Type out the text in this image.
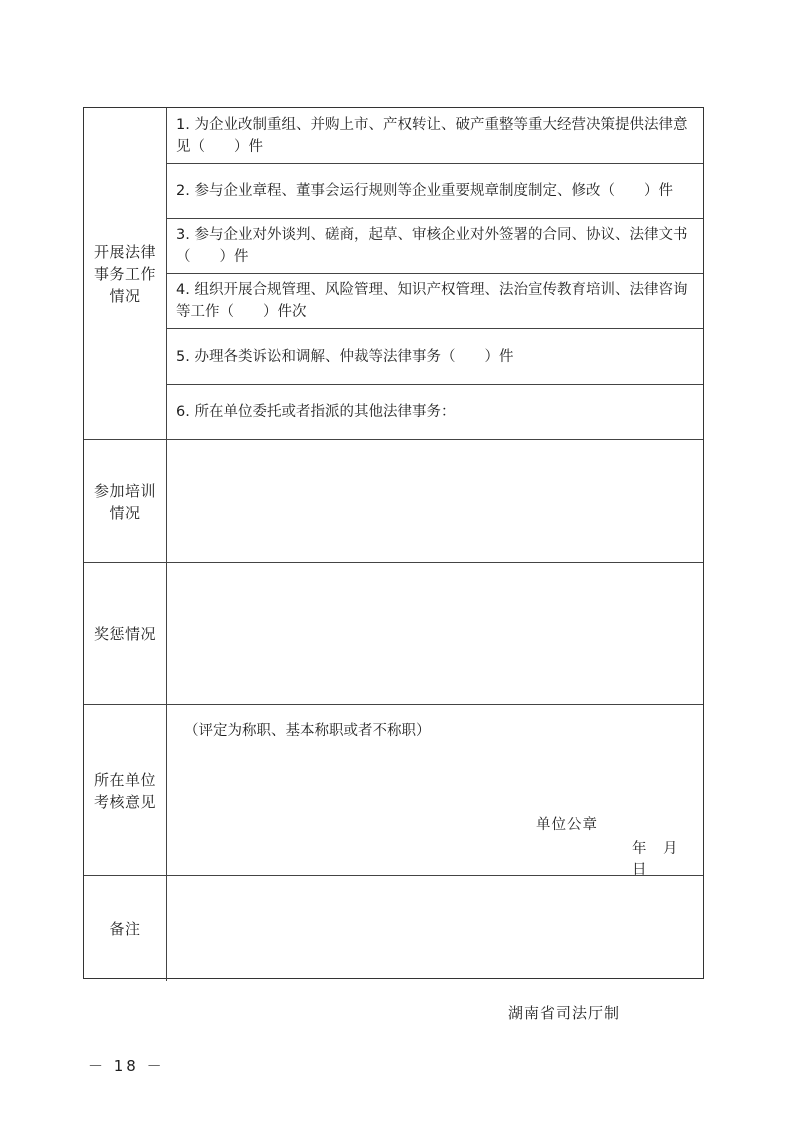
开展法律事务工作情况
1. 为企业改制重组、并购上市、产权转让、破产重整等重大经营决策提供法律意见（　　）件
2. 参与企业章程、董事会运行规则等企业重要规章制度制定、修改（　　）件
3. 参与企业对外谈判、磋商，起草、审核企业对外签署的合同、协议、法律文书（　　）件
4. 组织开展合规管理、风险管理、知识产权管理、法治宣传教育培训、法律咨询等工作（　　）件次
5. 办理各类诉讼和调解、仲裁等法律事务（　　）件
6. 所在单位委托或者指派的其他法律事务：
参加培训情况
奖惩情况
所在单位考核意见
（评定为称职、基本称职或者不称职）
单位公章
年　月　日
备注
湖南省司法厅制
－ 18 －
